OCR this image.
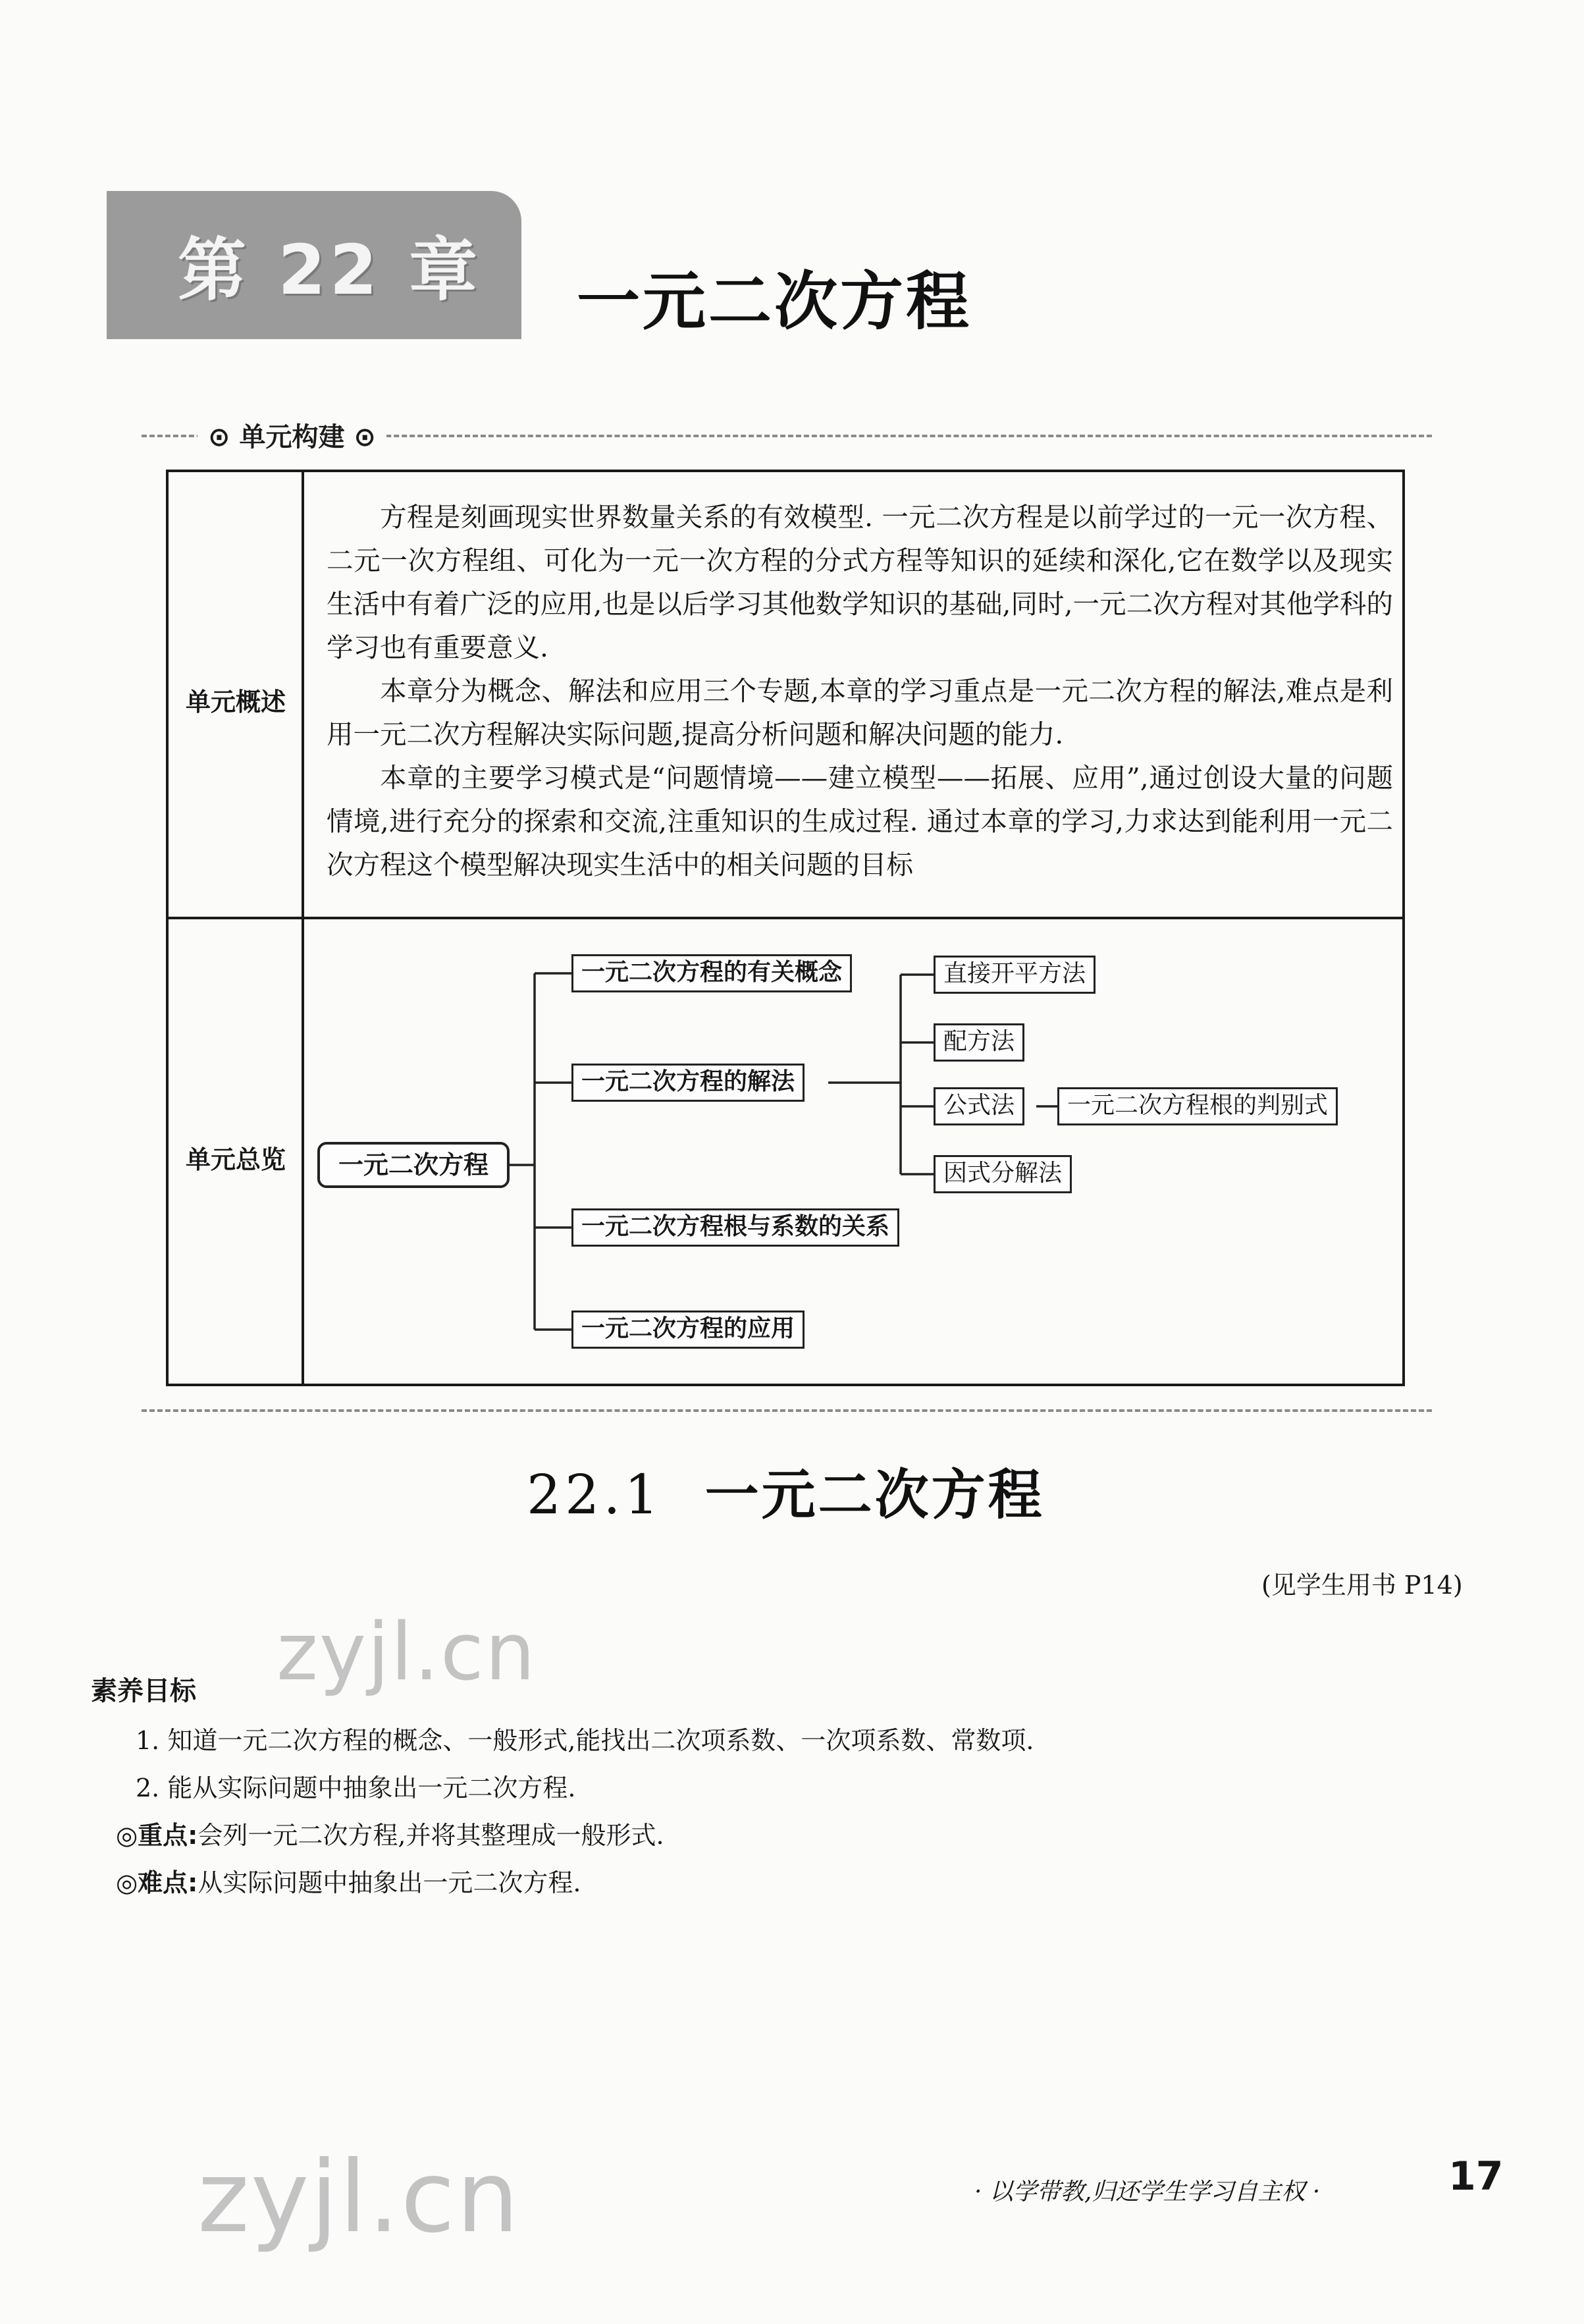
第 22 章 一元二次方程
⊙ 单元构建 ⊙
单元概述
单元总览

方程是刻画现实世界数量关系的有效模型. 一元二次方程是以前学过的一元一次方程、二元一次方程组、可化为一元一次方程的分式方程等知识的延续和深化,它在数学以及现实生活中有着广泛的应用,也是以后学习其他数学知识的基础,同时,一元二次方程对其他学科的学习也有重要意义.

本章分为概念、解法和应用三个专题,本章的学习重点是一元二次方程的解法,难点是利用一元二次方程解决实际问题,提高分析问题和解决问题的能力.

本章的主要学习模式是“问题情境——建立模型——拓展、应用”,通过创设大量的问题情境,进行充分的探索和交流,注重知识的生成过程. 通过本章的学习,力求达到能利用一元二次方程这个模型解决现实生活中的相关问题的目标

一元二次方程
一元二次方程的有关概念
一元二次方程的解法
一元二次方程根与系数的关系
一元二次方程的应用
直接开平方法
配方法
公式法
因式分解法
一元二次方程根的判别式
22.1 一元二次方程
(见学生用书 P14)
素养目标
1. 知道一元二次方程的概念、一般形式,能找出二次项系数、一次项系数、常数项.
2. 能从实际问题中抽象出一元二次方程.
◎重点:会列一元二次方程,并将其整理成一般形式.
◎难点:从实际问题中抽象出一元二次方程.
zyjl.cn
zyjl.cn	· 以学带教,归还学生学习自主权 ·	17
